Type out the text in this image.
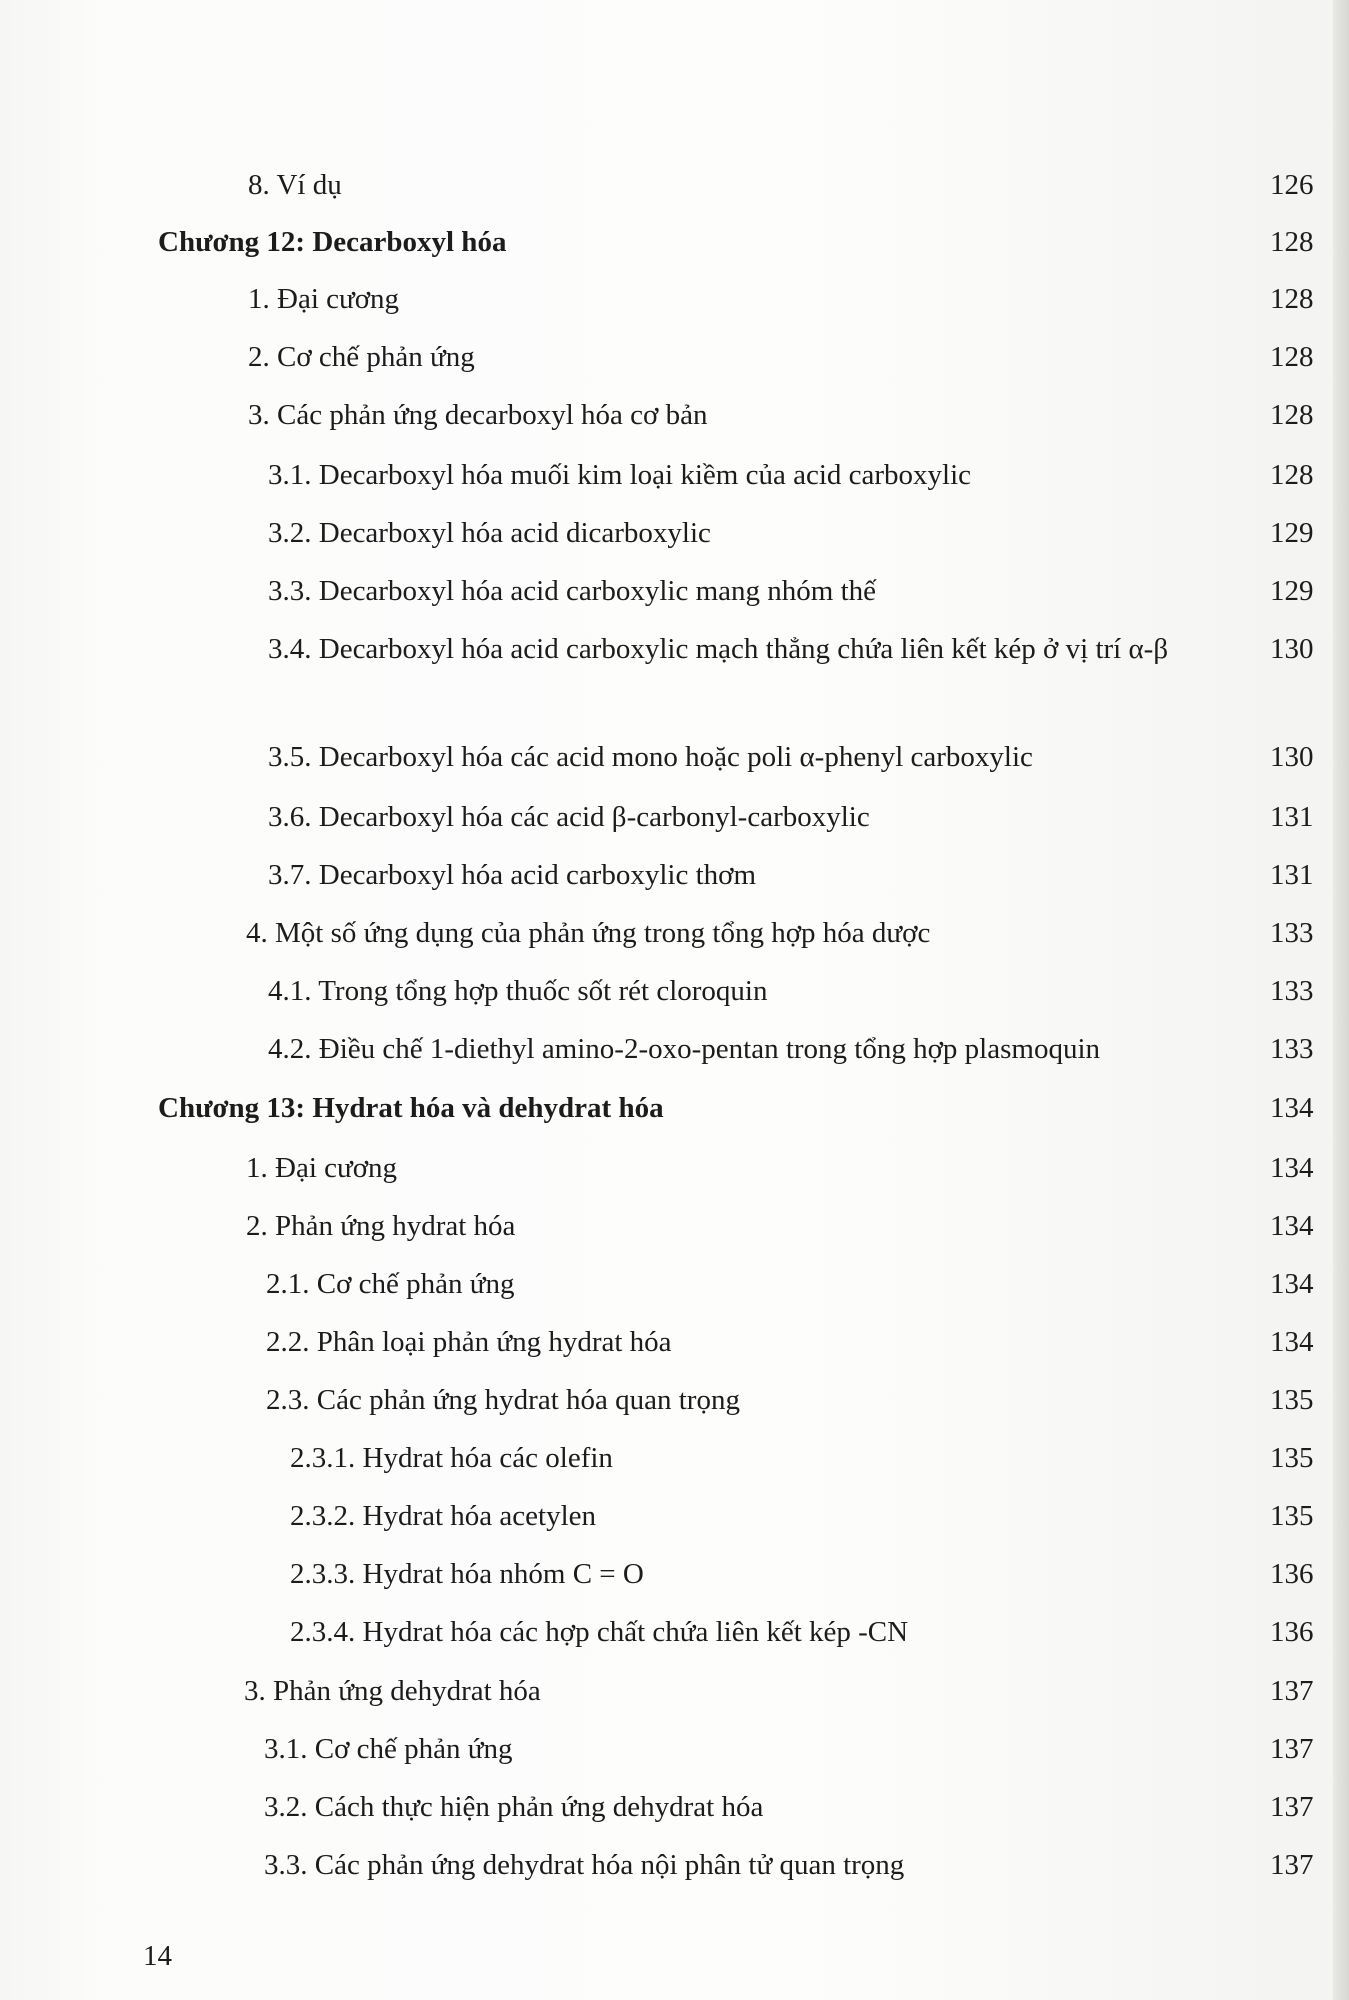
8. Ví dụ	126
Chương 12: Decarboxyl hóa	128
1. Đại cương	128
2. Cơ chế phản ứng	128
3. Các phản ứng decarboxyl hóa cơ bản	128
3.1. Decarboxyl hóa muối kim loại kiềm của acid carboxylic	128
3.2. Decarboxyl hóa acid dicarboxylic	129
3.3. Decarboxyl hóa acid carboxylic mang nhóm thế	129
3.4. Decarboxyl hóa acid carboxylic mạch thẳng chứa liên kết kép ở vị trí α-β	130
3.5. Decarboxyl hóa các acid mono hoặc poli α-phenyl carboxylic	130
3.6. Decarboxyl hóa các acid β-carbonyl-carboxylic	131
3.7. Decarboxyl hóa acid carboxylic thơm	131
4. Một số ứng dụng của phản ứng trong tổng hợp hóa dược	133
4.1. Trong tổng hợp thuốc sốt rét cloroquin	133
4.2. Điều chế 1-diethyl amino-2-oxo-pentan trong tổng hợp plasmoquin	133
Chương 13: Hydrat hóa và dehydrat hóa	134
1. Đại cương	134
2. Phản ứng hydrat hóa	134
2.1. Cơ chế phản ứng	134
2.2. Phân loại phản ứng hydrat hóa	134
2.3. Các phản ứng hydrat hóa quan trọng	135
2.3.1. Hydrat hóa các olefin	135
2.3.2. Hydrat hóa acetylen	135
2.3.3. Hydrat hóa nhóm C = O	136
2.3.4. Hydrat hóa các hợp chất chứa liên kết kép -CN	136
3. Phản ứng dehydrat hóa	137
3.1. Cơ chế phản ứng	137
3.2. Cách thực hiện phản ứng dehydrat hóa	137
3.3. Các phản ứng dehydrat hóa nội phân tử quan trọng	137
14
